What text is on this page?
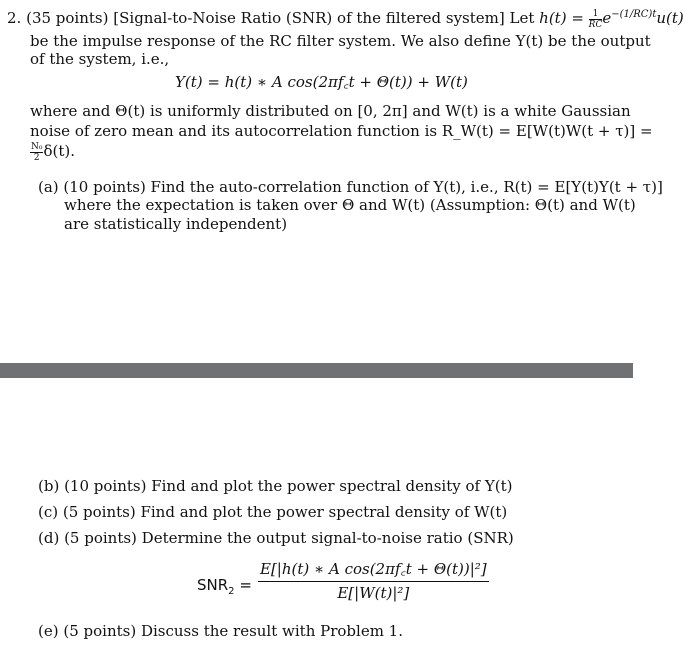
2. (35 points) [Signal-to-Noise Ratio (SNR) of the filtered system] Let $h(t) = \frac{1}{RC} e^{-(1/RC)t}u(t)$
be the impulse response of the RC filter system. We also define Y(t) be the output
of the system, i.e.,
Y(t) = h(t) ∗ A cos(2πf꜀t + Θ(t)) + W(t)
where and Θ(t) is uniformly distributed on [0, 2π] and W(t) is a white Gaussian
noise of zero mean and its autocorrelation function is R_W(t) = E[W(t)W(t + τ)] =
$\frac{\text{N₀}}{2} \delta(t)$.
(a) (10 points) Find the auto-correlation function of Y(t), i.e., R(t) = E[Y(t)Y(t + τ)]
where the expectation is taken over Θ and W(t) (Assumption: Θ(t) and W(t)
are statistically independent)
(b) (10 points) Find and plot the power spectral density of Y(t)
(c) (5 points) Find and plot the power spectral density of W(t)
(d) (5 points) Determine the output signal-to-noise ratio (SNR)
$SNR_2 = \frac{\text{E[|h(t) ∗ A cos(2πf꜀t + Θ(t))|²]}}{\text{E[|W(t)|²]}}$
(e) (5 points) Discuss the result with Problem 1.
